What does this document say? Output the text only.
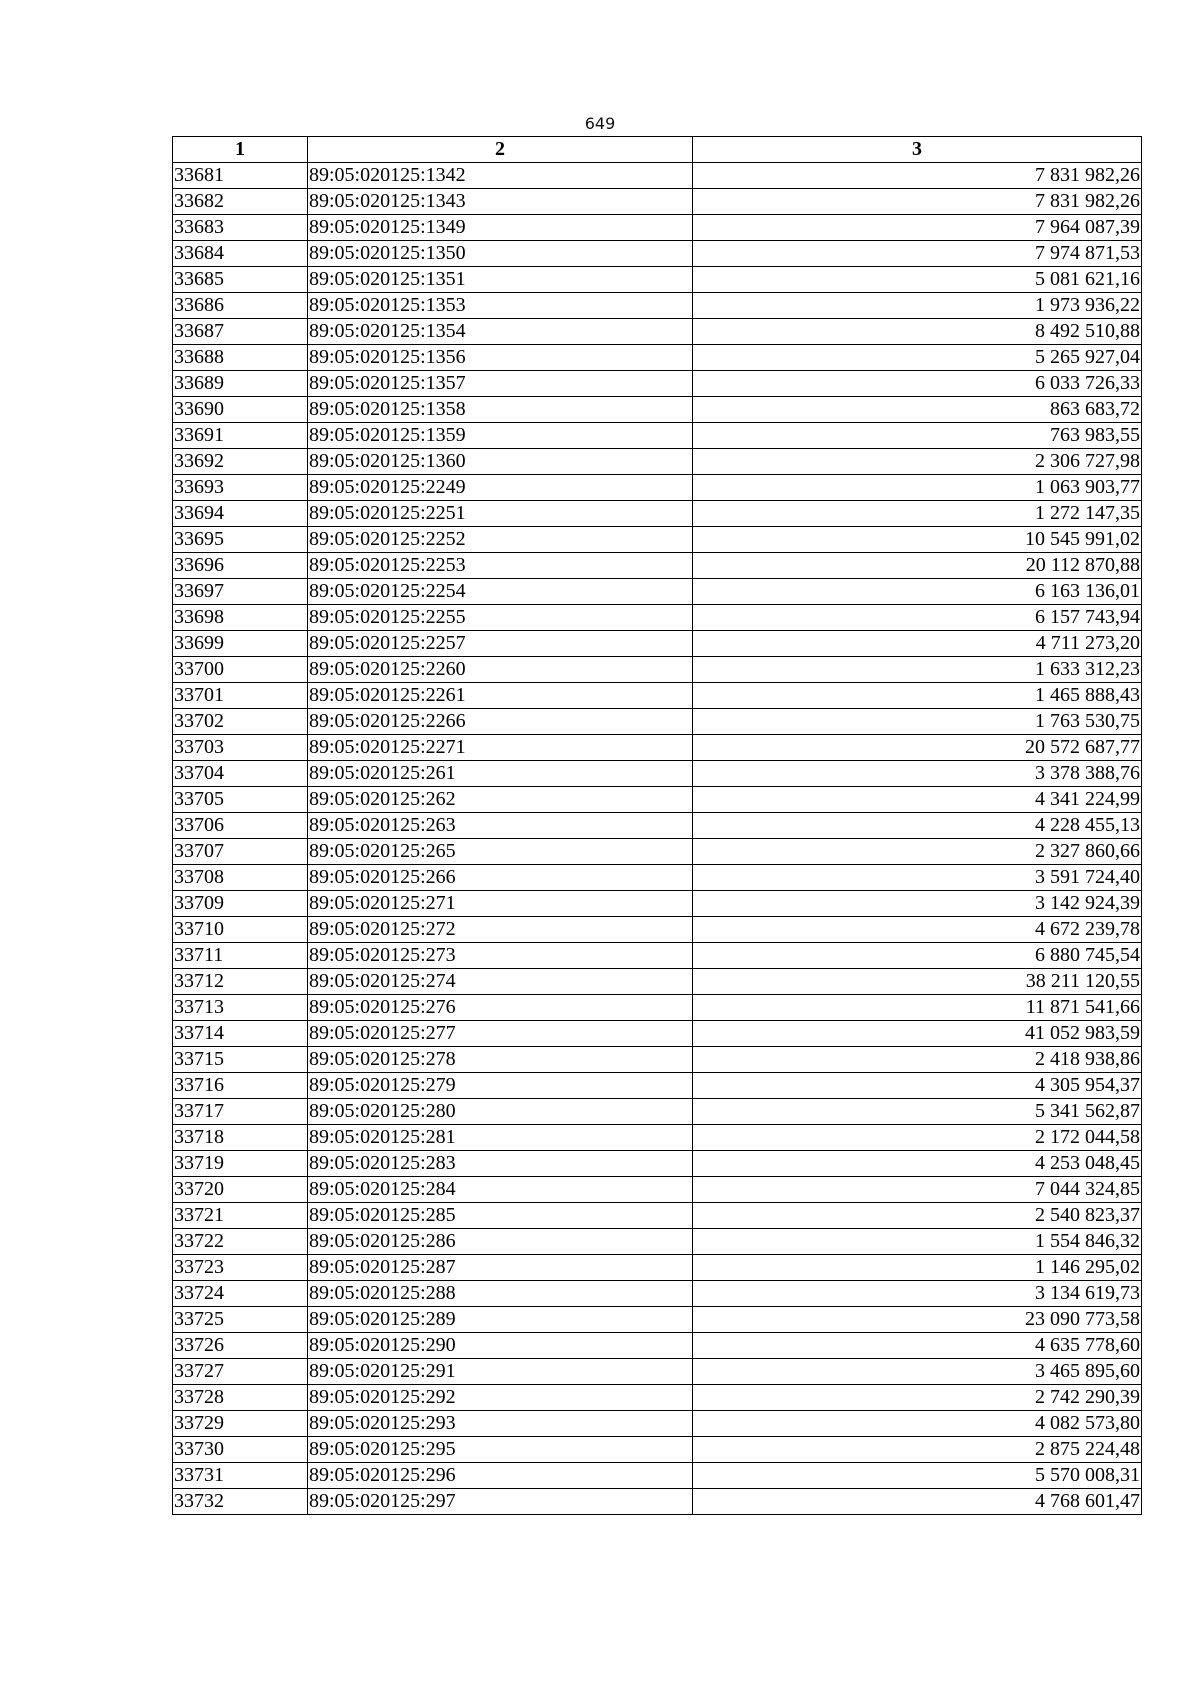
649
1	2	3
33681	89:05:020125:1342	7 831 982,26
33682	89:05:020125:1343	7 831 982,26
33683	89:05:020125:1349	7 964 087,39
33684	89:05:020125:1350	7 974 871,53
33685	89:05:020125:1351	5 081 621,16
33686	89:05:020125:1353	1 973 936,22
33687	89:05:020125:1354	8 492 510,88
33688	89:05:020125:1356	5 265 927,04
33689	89:05:020125:1357	6 033 726,33
33690	89:05:020125:1358	863 683,72
33691	89:05:020125:1359	763 983,55
33692	89:05:020125:1360	2 306 727,98
33693	89:05:020125:2249	1 063 903,77
33694	89:05:020125:2251	1 272 147,35
33695	89:05:020125:2252	10 545 991,02
33696	89:05:020125:2253	20 112 870,88
33697	89:05:020125:2254	6 163 136,01
33698	89:05:020125:2255	6 157 743,94
33699	89:05:020125:2257	4 711 273,20
33700	89:05:020125:2260	1 633 312,23
33701	89:05:020125:2261	1 465 888,43
33702	89:05:020125:2266	1 763 530,75
33703	89:05:020125:2271	20 572 687,77
33704	89:05:020125:261	3 378 388,76
33705	89:05:020125:262	4 341 224,99
33706	89:05:020125:263	4 228 455,13
33707	89:05:020125:265	2 327 860,66
33708	89:05:020125:266	3 591 724,40
33709	89:05:020125:271	3 142 924,39
33710	89:05:020125:272	4 672 239,78
33711	89:05:020125:273	6 880 745,54
33712	89:05:020125:274	38 211 120,55
33713	89:05:020125:276	11 871 541,66
33714	89:05:020125:277	41 052 983,59
33715	89:05:020125:278	2 418 938,86
33716	89:05:020125:279	4 305 954,37
33717	89:05:020125:280	5 341 562,87
33718	89:05:020125:281	2 172 044,58
33719	89:05:020125:283	4 253 048,45
33720	89:05:020125:284	7 044 324,85
33721	89:05:020125:285	2 540 823,37
33722	89:05:020125:286	1 554 846,32
33723	89:05:020125:287	1 146 295,02
33724	89:05:020125:288	3 134 619,73
33725	89:05:020125:289	23 090 773,58
33726	89:05:020125:290	4 635 778,60
33727	89:05:020125:291	3 465 895,60
33728	89:05:020125:292	2 742 290,39
33729	89:05:020125:293	4 082 573,80
33730	89:05:020125:295	2 875 224,48
33731	89:05:020125:296	5 570 008,31
33732	89:05:020125:297	4 768 601,47
